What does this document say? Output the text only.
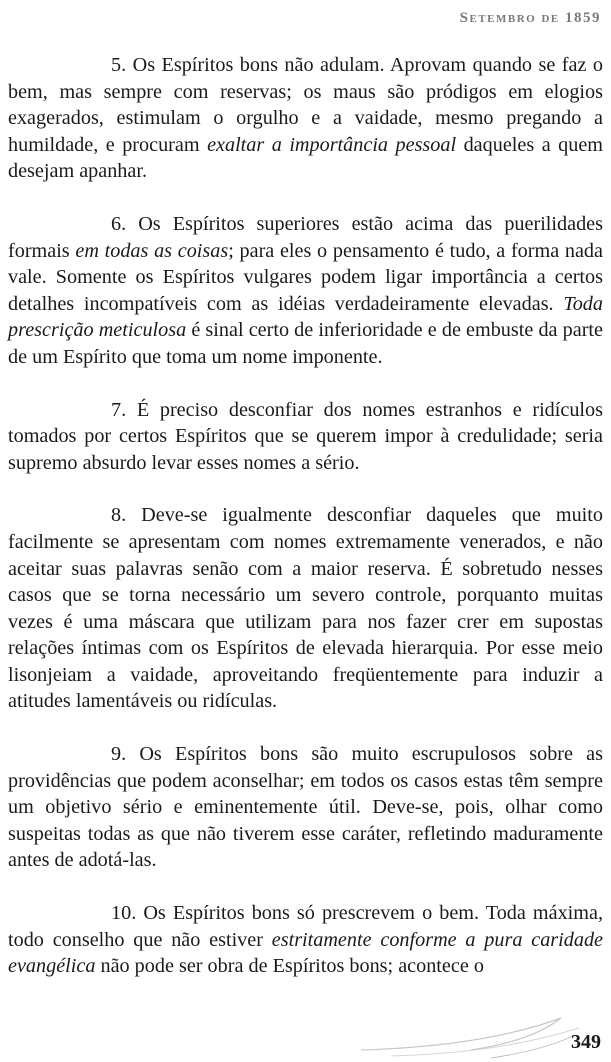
Setembro de 1859

5. Os Espíritos bons não adulam. Aprovam quando se faz o bem, mas sempre com reservas; os maus são pródigos em elogios exagerados, estimulam o orgulho e a vaidade, mesmo pregando a humildade, e procuram exaltar a importância pessoal daqueles a quem desejam apanhar.

6. Os Espíritos superiores estão acima das puerilidades formais em todas as coisas; para eles o pensamento é tudo, a forma nada vale. Somente os Espíritos vulgares podem ligar importância a certos detalhes incompatíveis com as idéias verdadeiramente elevadas. Toda prescrição meticulosa é sinal certo de inferioridade e de embuste da parte de um Espírito que toma um nome imponente.

7. É preciso desconfiar dos nomes estranhos e ridículos tomados por certos Espíritos que se querem impor à credulidade; seria supremo absurdo levar esses nomes a sério.

8. Deve-se igualmente desconfiar daqueles que muito facilmente se apresentam com nomes extremamente venerados, e não aceitar suas palavras senão com a maior reserva. É sobretudo nesses casos que se torna necessário um severo controle, porquanto muitas vezes é uma máscara que utilizam para nos fazer crer em supostas relações íntimas com os Espíritos de elevada hierarquia. Por esse meio lisonjeiam a vaidade, aproveitando freqüentemente para induzir a atitudes lamentáveis ou ridículas.

9. Os Espíritos bons são muito escrupulosos sobre as providências que podem aconselhar; em todos os casos estas têm sempre um objetivo sério e eminentemente útil. Deve-se, pois, olhar como suspeitas todas as que não tiverem esse caráter, refletindo maduramente antes de adotá-las.

10. Os Espíritos bons só prescrevem o bem. Toda máxima, todo conselho que não estiver estritamente conforme a pura caridade evangélica não pode ser obra de Espíritos bons; acontece o

349
